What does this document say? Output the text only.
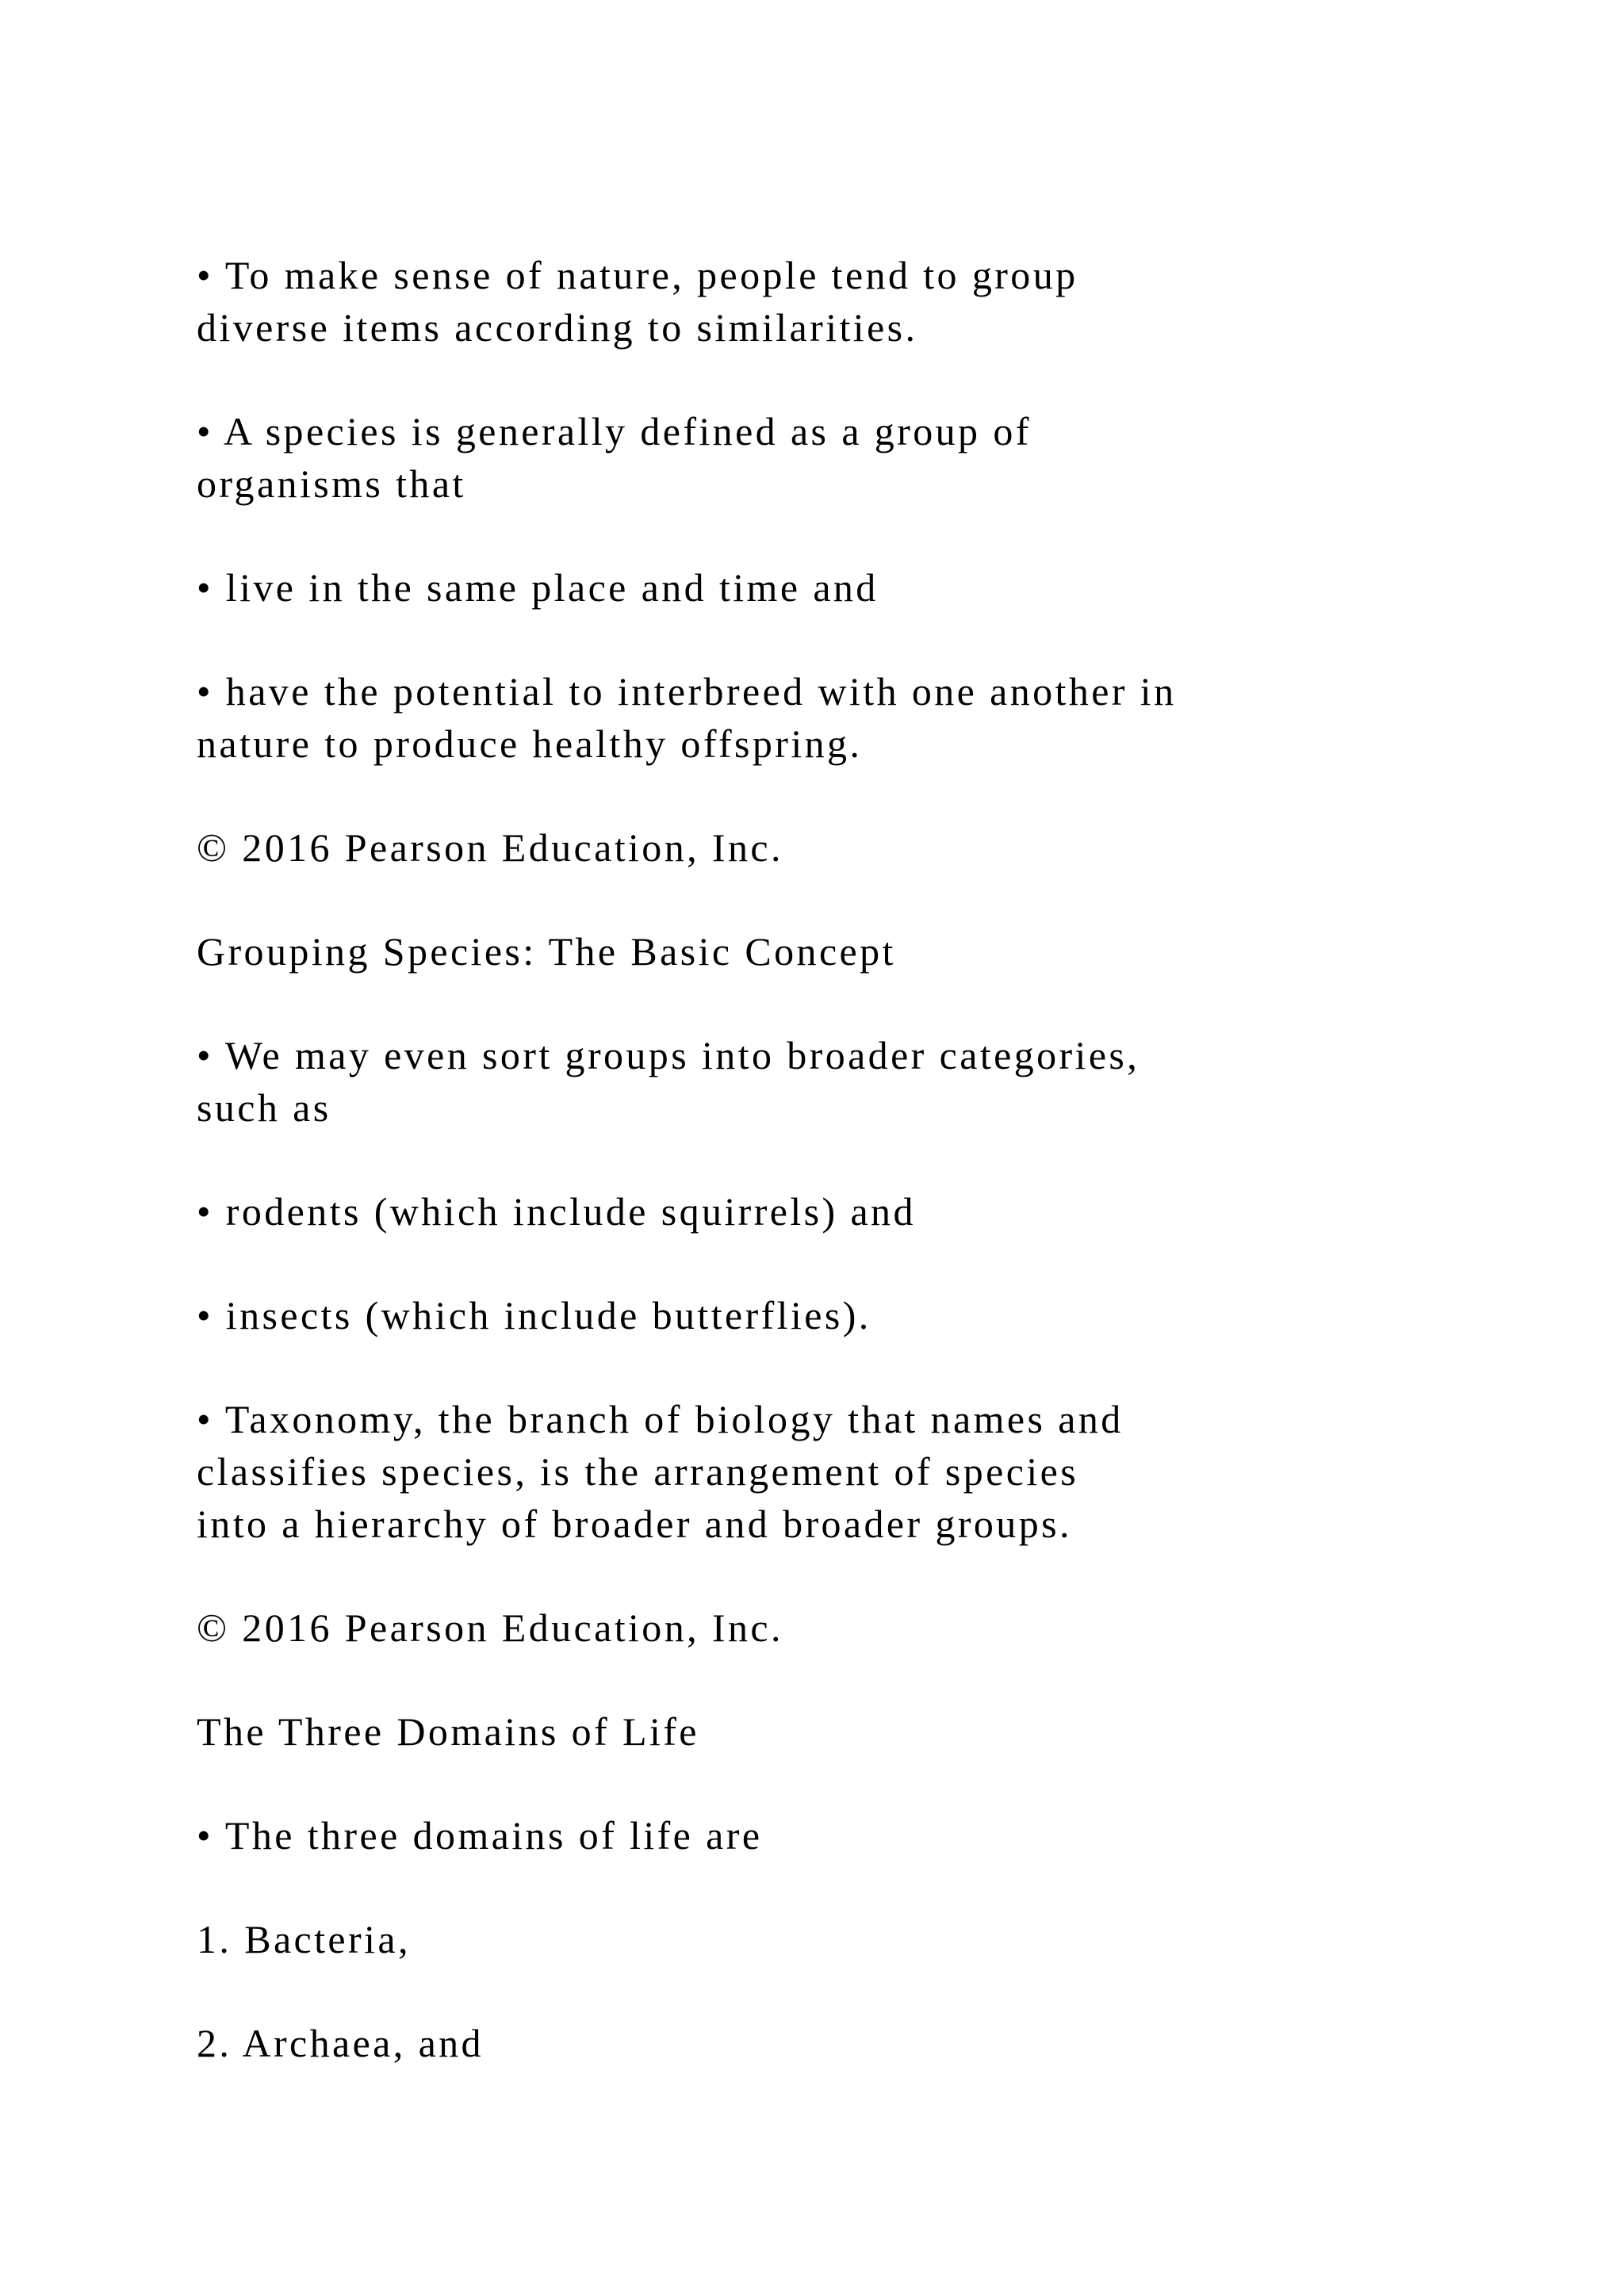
• To make sense of nature, people tend to group

diverse items according to similarities.

• A species is generally defined as a group of

organisms that

• live in the same place and time and

• have the potential to interbreed with one another in

nature to produce healthy offspring.

© 2016 Pearson Education, Inc.

Grouping Species: The Basic Concept

• We may even sort groups into broader categories,

such as

• rodents (which include squirrels) and

• insects (which include butterflies).

• Taxonomy, the branch of biology that names and

classifies species, is the arrangement of species

into a hierarchy of broader and broader groups.

© 2016 Pearson Education, Inc.

The Three Domains of Life

• The three domains of life are

1. Bacteria,

2. Archaea, and
